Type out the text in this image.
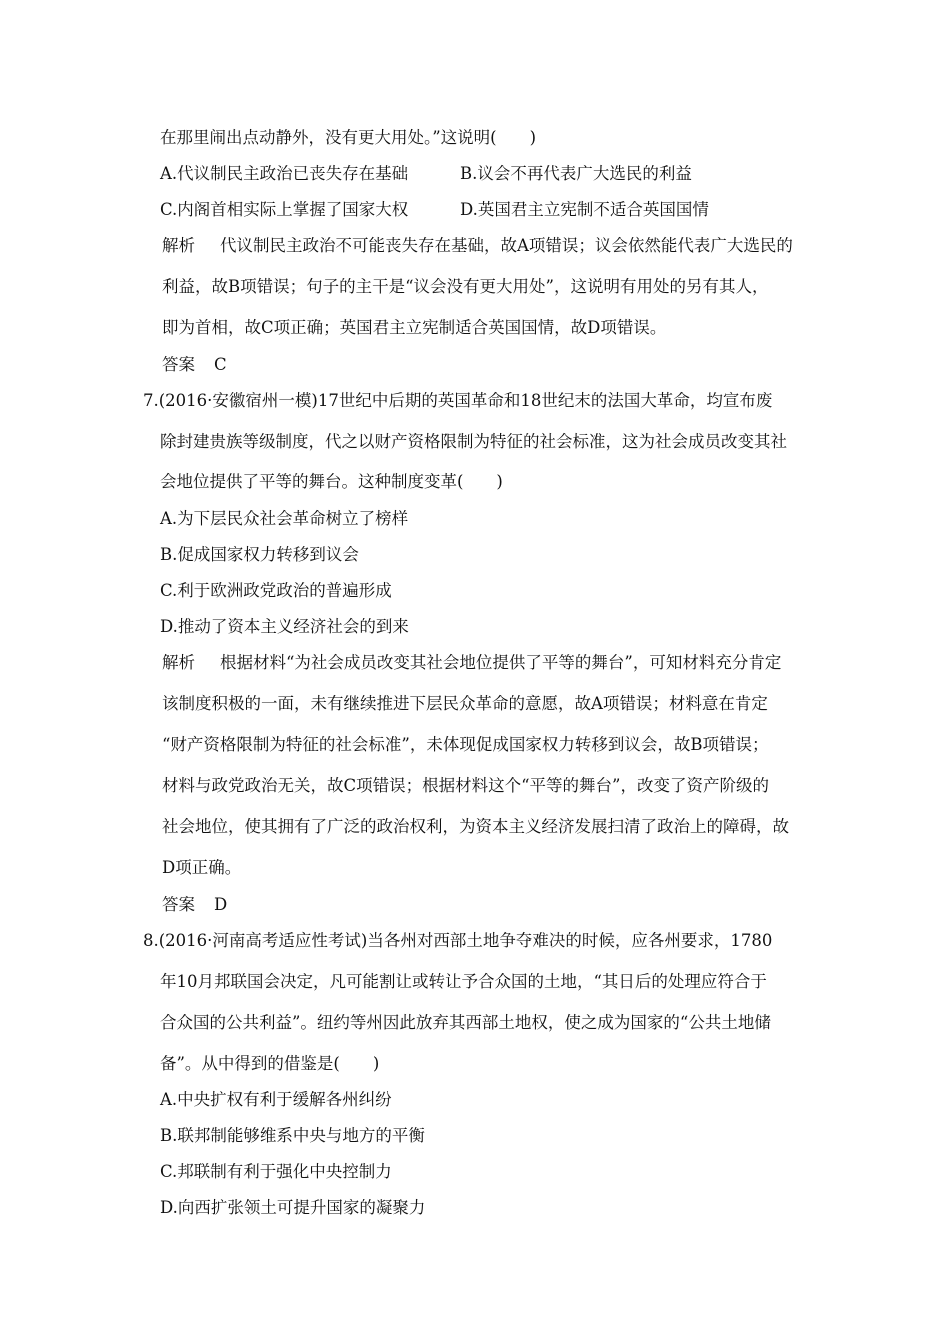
在那里闹出点动静外，没有更大用处。”这说明(　　)
A.代议制民主政治已丧失存在基础	B.议会不再代表广大选民的利益
C.内阁首相实际上掌握了国家大权	D.英国君主立宪制不适合英国国情
解析 代议制民主政治不可能丧失存在基础，故A项错误；议会依然能代表广大选民的
利益，故B项错误；句子的主干是“议会没有更大用处”，这说明有用处的另有其人，
即为首相，故C项正确；英国君主立宪制适合英国国情，故D项错误。
答案 C
7.(2016·安徽宿州一模)17世纪中后期的英国革命和18世纪末的法国大革命，均宣布废
除封建贵族等级制度，代之以财产资格限制为特征的社会标准，这为社会成员改变其社
会地位提供了平等的舞台。这种制度变革(　　)
A.为下层民众社会革命树立了榜样
B.促成国家权力转移到议会
C.利于欧洲政党政治的普遍形成
D.推动了资本主义经济社会的到来
解析 根据材料“为社会成员改变其社会地位提供了平等的舞台”，可知材料充分肯定
该制度积极的一面，未有继续推进下层民众革命的意愿，故A项错误；材料意在肯定
“财产资格限制为特征的社会标准”，未体现促成国家权力转移到议会，故B项错误；
材料与政党政治无关，故C项错误；根据材料这个“平等的舞台”，改变了资产阶级的
社会地位，使其拥有了广泛的政治权利，为资本主义经济发展扫清了政治上的障碍，故
D项正确。
答案 D
8.(2016·河南高考适应性考试)当各州对西部土地争夺难决的时候，应各州要求，1780
年10月邦联国会决定，凡可能割让或转让予合众国的土地，“其日后的处理应符合于
合众国的公共利益”。纽约等州因此放弃其西部土地权，使之成为国家的“公共土地储
备”。从中得到的借鉴是(　　)
A.中央扩权有利于缓解各州纠纷
B.联邦制能够维系中央与地方的平衡
C.邦联制有利于强化中央控制力
D.向西扩张领土可提升国家的凝聚力
